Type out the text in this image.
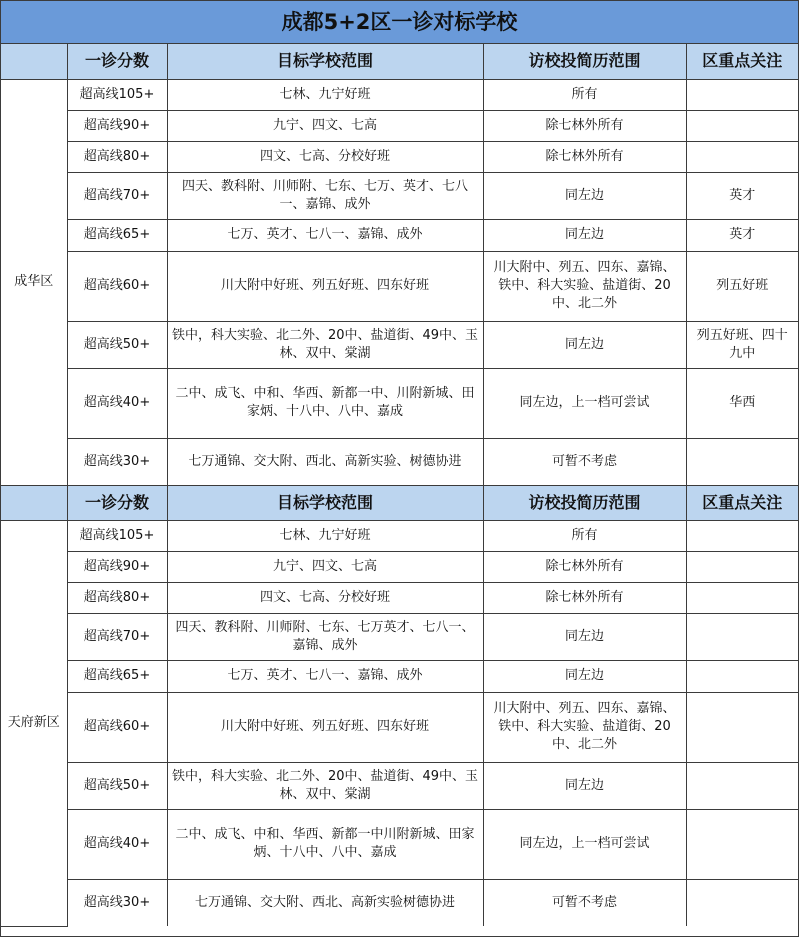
成都5+2区一诊对标学校
	一诊分数	目标学校范围	访校投简历范围	区重点关注
成华区	超高线105+	七林、九宁好班	所有	
	超高线90+	九宁、四文、七高	除七林外所有	
	超高线80+	四文、七高、分校好班	除七林外所有	
	超高线70+	四天、教科附、川师附、七东、七万、英才、七八一、嘉锦、成外	同左边	英才
	超高线65+	七万、英才、七八一、嘉锦、成外	同左边	英才
	超高线60+	川大附中好班、列五好班、四东好班	川大附中、列五、四东、嘉锦、铁中、科大实验、盐道街、20中、北二外	列五好班
	超高线50+	铁中，科大实验、北二外、20中、盐道街、49中、玉林、双中、棠湖	同左边	列五好班、四十九中
	超高线40+	二中、成飞、中和、华西、新都一中、川附新城、田家炳、十八中、八中、嘉成	同左边，上一档可尝试	华西
	超高线30+	七万通锦、交大附、西北、高新实验、树德协进	可暂不考虑	
	一诊分数	目标学校范围	访校投简历范围	区重点关注
天府新区	超高线105+	七林、九宁好班	所有	
	超高线90+	九宁、四文、七高	除七林外所有	
	超高线80+	四文、七高、分校好班	除七林外所有	
	超高线70+	四天、教科附、川师附、七东、七万英才、七八一、嘉锦、成外	同左边	
	超高线65+	七万、英才、七八一、嘉锦、成外	同左边	
	超高线60+	川大附中好班、列五好班、四东好班	川大附中、列五、四东、嘉锦、铁中、科大实验、盐道街、20中、北二外	
	超高线50+	铁中，科大实验、北二外、20中、盐道街、49中、玉林、双中、棠湖	同左边	
	超高线40+	二中、成飞、中和、华西、新都一中川附新城、田家炳、十八中、八中、嘉成	同左边，上一档可尝试	
	超高线30+	七万通锦、交大附、西北、高新实验树德协进	可暂不考虑	
